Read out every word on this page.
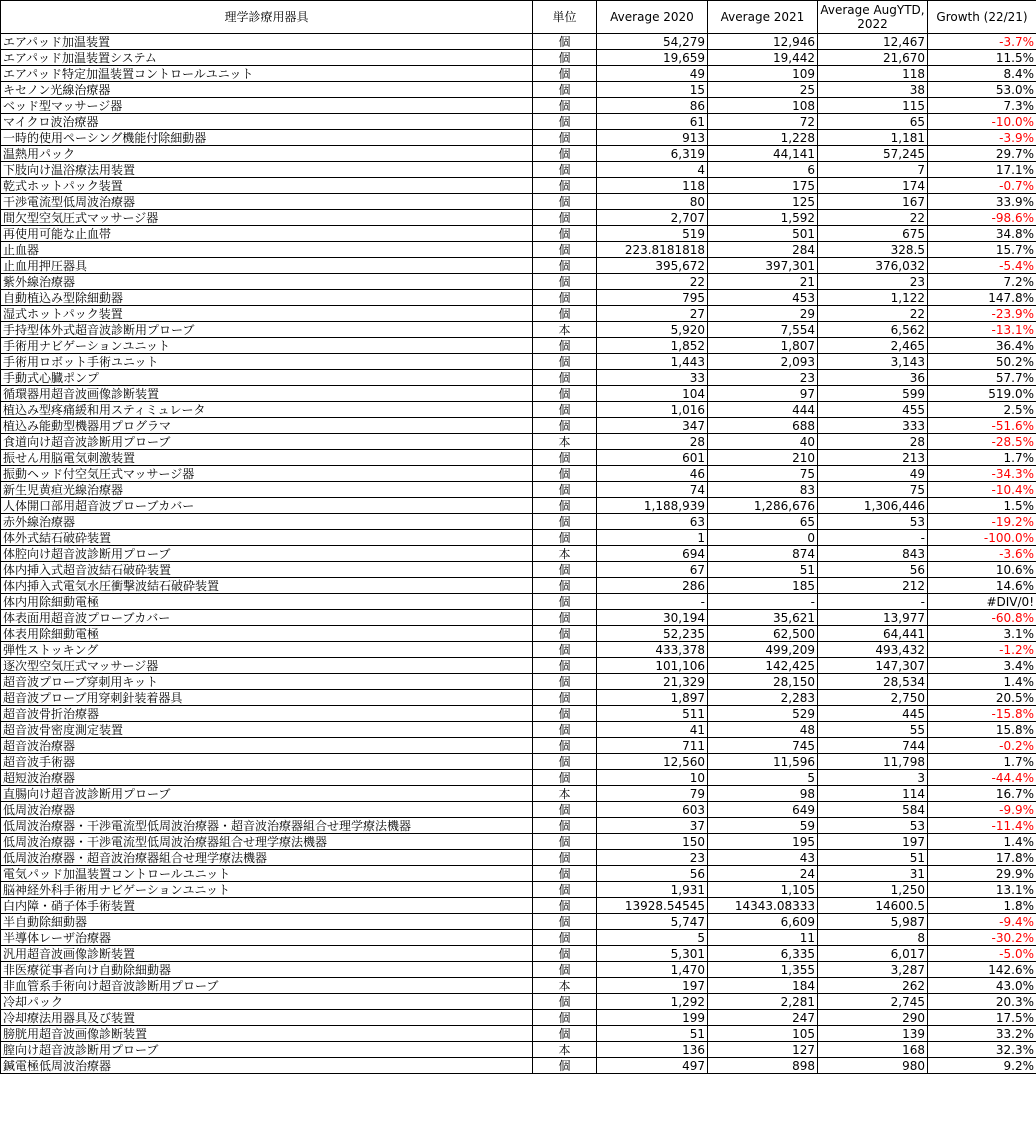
理学診療用器具	単位	Average 2020	Average 2021	Average AugYTD, 2022	Growth (22/21)
エアパッド加温装置	個	54,279	12,946	12,467	-3.7%
エアパッド加温装置システム	個	19,659	19,442	21,670	11.5%
エアパッド特定加温装置コントロールユニット	個	49	109	118	8.4%
キセノン光線治療器	個	15	25	38	53.0%
ベッド型マッサージ器	個	86	108	115	7.3%
マイクロ波治療器	個	61	72	65	-10.0%
一時的使用ペーシング機能付除細動器	個	913	1,228	1,181	-3.9%
温熱用パック	個	6,319	44,141	57,245	29.7%
下肢向け温浴療法用装置	個	4	6	7	17.1%
乾式ホットパック装置	個	118	175	174	-0.7%
干渉電流型低周波治療器	個	80	125	167	33.9%
間欠型空気圧式マッサージ器	個	2,707	1,592	22	-98.6%
再使用可能な止血帯	個	519	501	675	34.8%
止血器	個	223.8181818	284	328.5	15.7%
止血用押圧器具	個	395,672	397,301	376,032	-5.4%
紫外線治療器	個	22	21	23	7.2%
自動植込み型除細動器	個	795	453	1,122	147.8%
湿式ホットパック装置	個	27	29	22	-23.9%
手持型体外式超音波診断用プローブ	本	5,920	7,554	6,562	-13.1%
手術用ナビゲーションユニット	個	1,852	1,807	2,465	36.4%
手術用ロボット手術ユニット	個	1,443	2,093	3,143	50.2%
手動式心臓ポンプ	個	33	23	36	57.7%
循環器用超音波画像診断装置	個	104	97	599	519.0%
植込み型疼痛緩和用スティミュレータ	個	1,016	444	455	2.5%
植込み能動型機器用プログラマ	個	347	688	333	-51.6%
食道向け超音波診断用プローブ	本	28	40	28	-28.5%
振せん用脳電気刺激装置	個	601	210	213	1.7%
振動ヘッド付空気圧式マッサージ器	個	46	75	49	-34.3%
新生児黄疸光線治療器	個	74	83	75	-10.4%
人体開口部用超音波プローブカバー	個	1,188,939	1,286,676	1,306,446	1.5%
赤外線治療器	個	63	65	53	-19.2%
体外式結石破砕装置	個	1	0	-	-100.0%
体腔向け超音波診断用プローブ	本	694	874	843	-3.6%
体内挿入式超音波結石破砕装置	個	67	51	56	10.6%
体内挿入式電気水圧衝撃波結石破砕装置	個	286	185	212	14.6%
体内用除細動電極	個	-	-	-	#DIV/0!
体表面用超音波プローブカバー	個	30,194	35,621	13,977	-60.8%
体表用除細動電極	個	52,235	62,500	64,441	3.1%
弾性ストッキング	個	433,378	499,209	493,432	-1.2%
逐次型空気圧式マッサージ器	個	101,106	142,425	147,307	3.4%
超音波プローブ穿刺用キット	個	21,329	28,150	28,534	1.4%
超音波プローブ用穿刺針装着器具	個	1,897	2,283	2,750	20.5%
超音波骨折治療器	個	511	529	445	-15.8%
超音波骨密度測定装置	個	41	48	55	15.8%
超音波治療器	個	711	745	744	-0.2%
超音波手術器	個	12,560	11,596	11,798	1.7%
超短波治療器	個	10	5	3	-44.4%
直腸向け超音波診断用プローブ	本	79	98	114	16.7%
低周波治療器	個	603	649	584	-9.9%
低周波治療器・干渉電流型低周波治療器・超音波治療器組合せ理学療法機器	個	37	59	53	-11.4%
低周波治療器・干渉電流型低周波治療器組合せ理学療法機器	個	150	195	197	1.4%
低周波治療器・超音波治療器組合せ理学療法機器	個	23	43	51	17.8%
電気パッド加温装置コントロールユニット	個	56	24	31	29.9%
脳神経外科手術用ナビゲーションユニット	個	1,931	1,105	1,250	13.1%
白内障・硝子体手術装置	個	13928.54545	14343.08333	14600.5	1.8%
半自動除細動器	個	5,747	6,609	5,987	-9.4%
半導体レーザ治療器	個	5	11	8	-30.2%
汎用超音波画像診断装置	個	5,301	6,335	6,017	-5.0%
非医療従事者向け自動除細動器	個	1,470	1,355	3,287	142.6%
非血管系手術向け超音波診断用プローブ	本	197	184	262	43.0%
冷却パック	個	1,292	2,281	2,745	20.3%
冷却療法用器具及び装置	個	199	247	290	17.5%
膀胱用超音波画像診断装置	個	51	105	139	33.2%
膣向け超音波診断用プローブ	本	136	127	168	32.3%
鍼電極低周波治療器	個	497	898	980	9.2%
